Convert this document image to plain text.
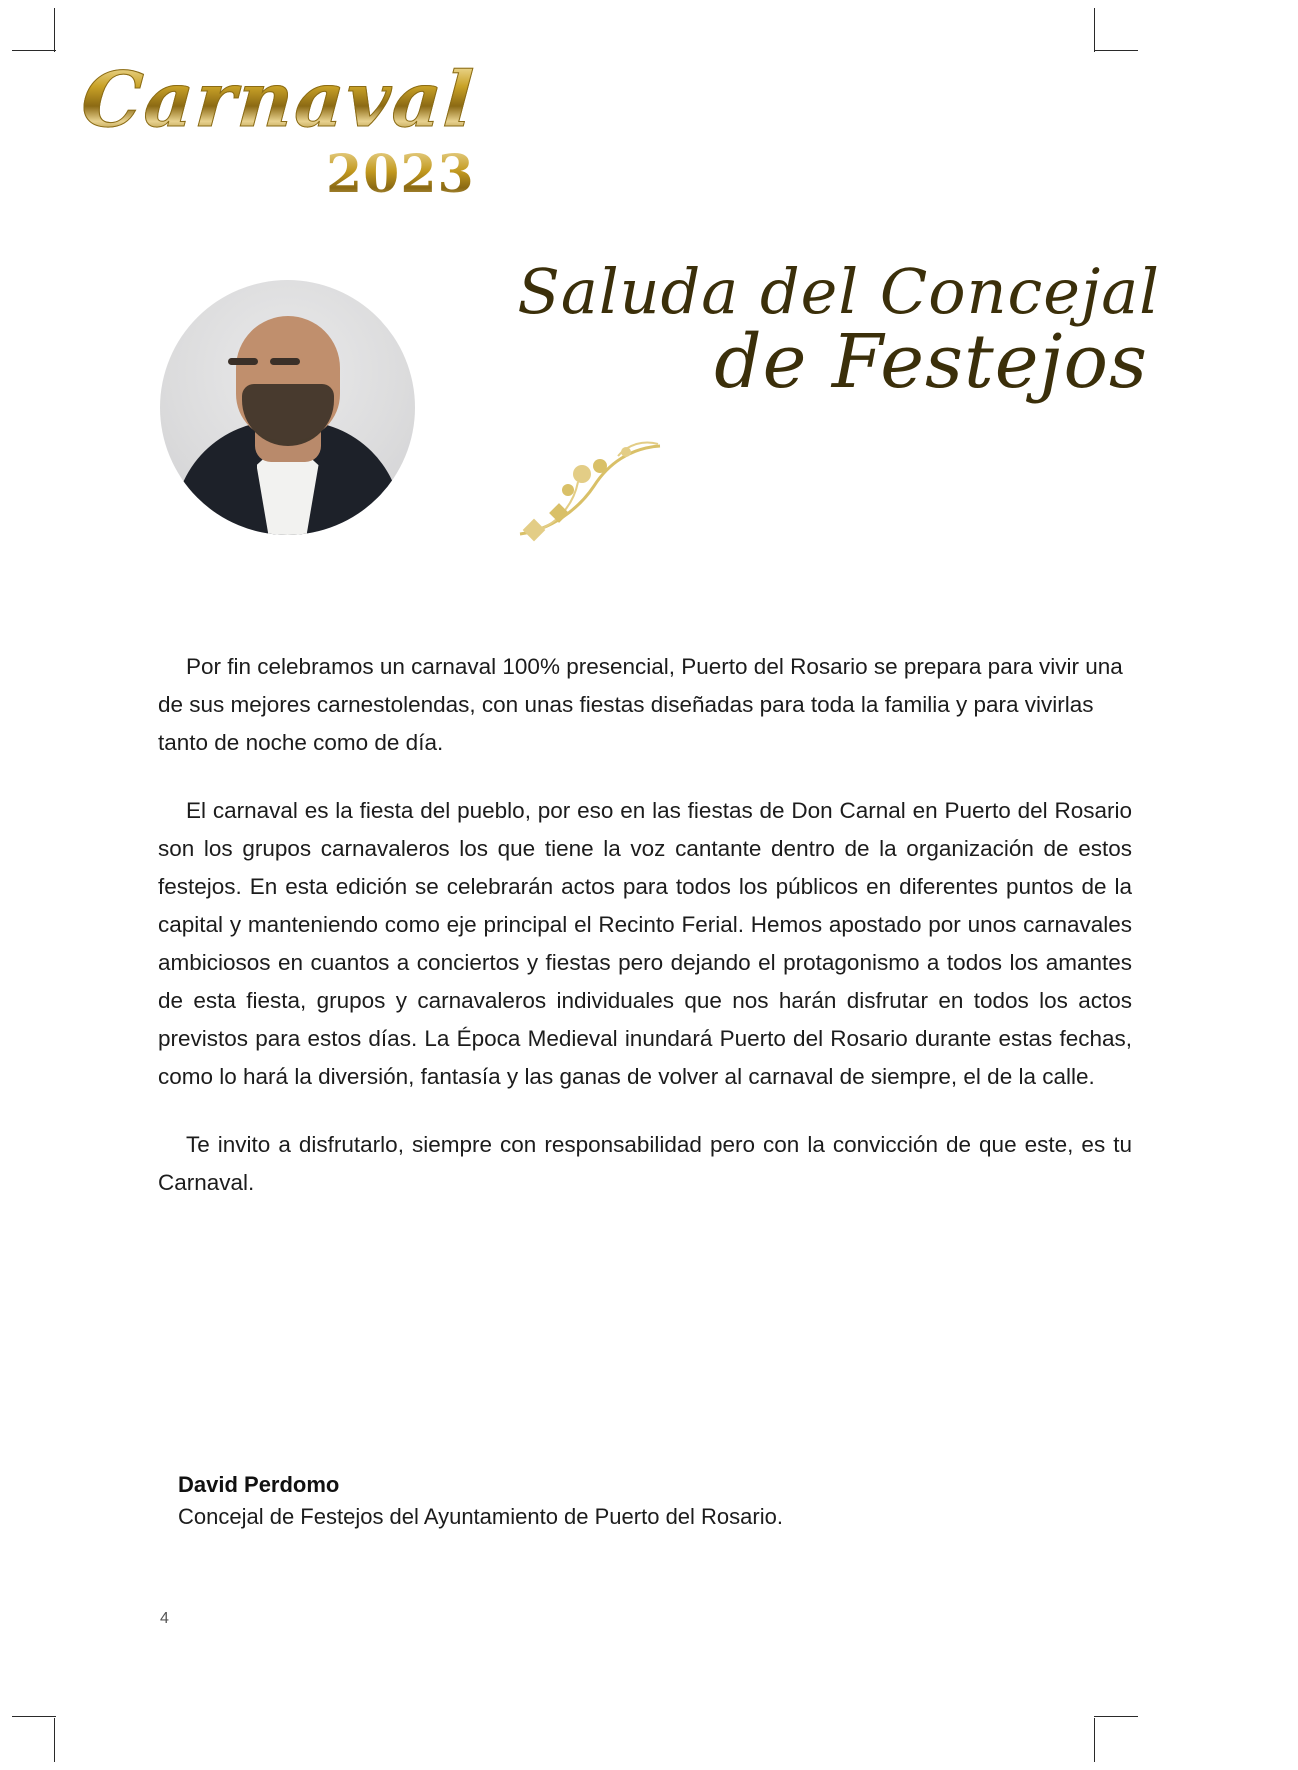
Carnaval
2023
Saluda del Concejal
de Festejos

Por fin celebramos un carnaval 100% presencial, Puerto del Rosario se prepara para vivir una de sus mejores carnestolendas, con unas fiestas diseñadas para toda la familia y para vivirlas tanto de noche como de día.

El carnaval es la fiesta del pueblo, por eso en las fiestas de Don Carnal en Puerto del Rosario son los grupos carnavaleros los que tiene la voz cantante dentro de la organización de estos festejos. En esta edición se celebrarán actos para todos los públicos en diferentes puntos de la capital y manteniendo como eje principal el Recinto Ferial. Hemos apostado por unos carnavales ambiciosos en cuantos a conciertos y fiestas pero dejando el protagonismo a todos los amantes de esta fiesta, grupos y carnavaleros individuales que nos harán disfrutar en todos los actos previstos para estos días. La Época Medieval inundará Puerto del Rosario durante estas fechas, como lo hará la diversión, fantasía y las ganas de volver al carnaval de siempre, el de la calle.

Te invito a disfrutarlo, siempre con responsabilidad pero con la convicción de que este, es tu Carnaval.

David Perdomo

Concejal de Festejos del Ayuntamiento de Puerto del Rosario.

4
